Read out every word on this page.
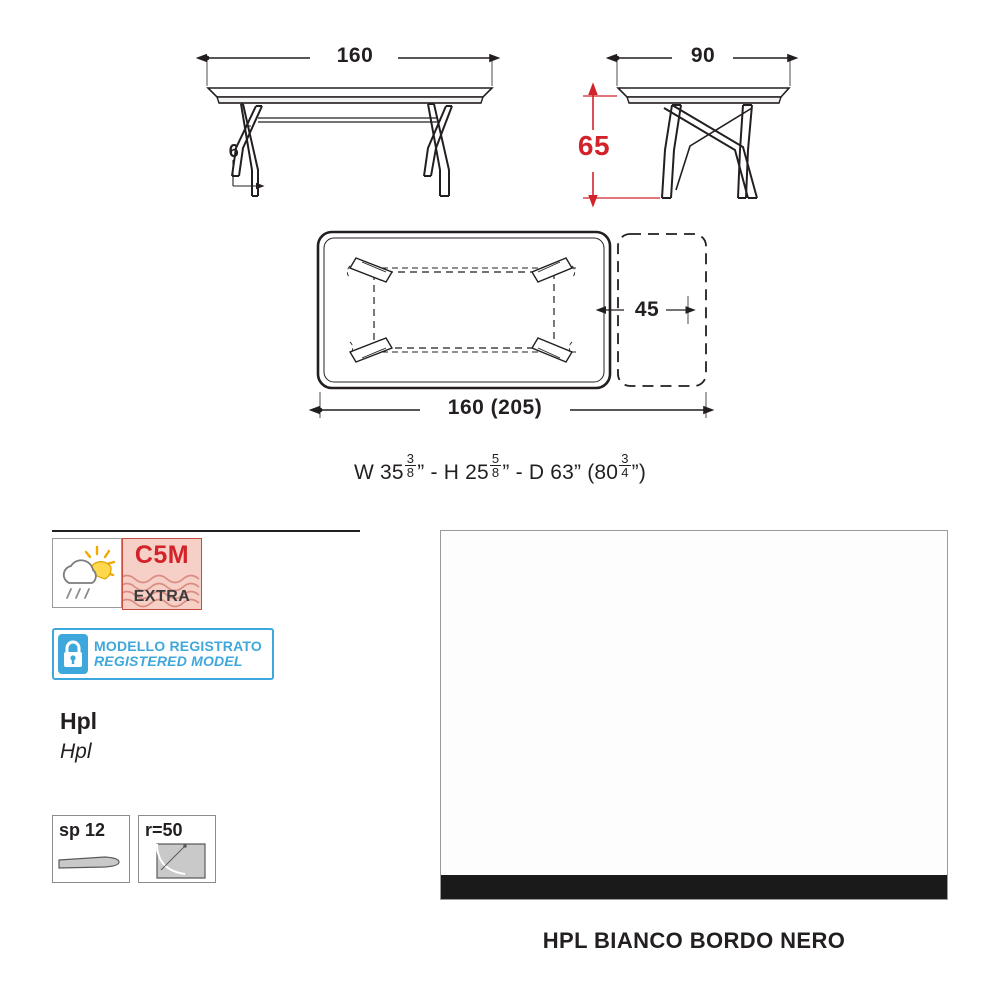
160
6
90
65
45
160 (205)
W $35 \frac{3}{8}$ ” - H $25 \frac{5}{8}$ ” - D 63” ($80 \frac{3}{4}$ ”)
C5M
EXTRA
MODELLO REGISTRATO
REGISTERED MODEL
Hpl
Hpl
sp 12 r=50
HPL BIANCO BORDO NERO
